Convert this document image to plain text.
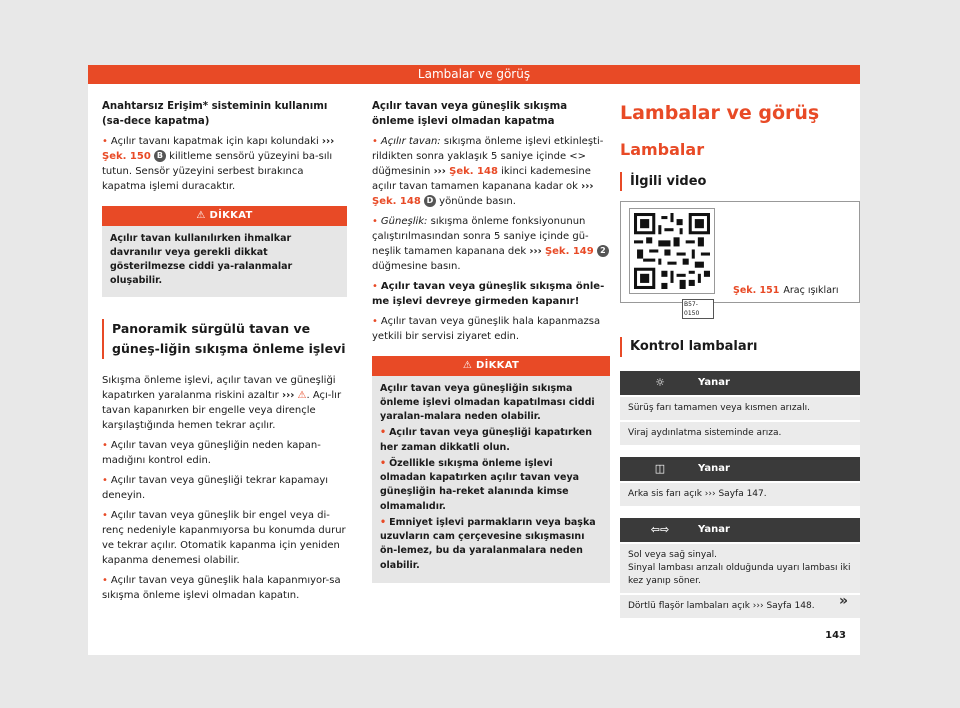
Lambalar ve görüş
Anahtarsız Erişim* sisteminin kullanımı (sa-dece kapatma)

• Açılır tavanı kapatmak için kapı kolundaki ››› Şek. 150 B kilitleme sensörü yüzeyini ba-sılı tutun. Sensör yüzeyini serbest bırakınca kapatma işlemi duracaktır.

⚠ DİKKAT
Açılır tavan kullanılırken ihmalkar davranılır veya gerekli dikkat gösterilmezse ciddi ya-ralanmalar oluşabilir.
Panoramik sürgülü tavan ve güneş-liğin sıkışma önleme işlevi

Sıkışma önleme işlevi, açılır tavan ve güneşliği kapatırken yaralanma riskini azaltır ››› ⚠. Açı-lır tavan kapanırken bir engelle veya dirençle karşılaştığında hemen tekrar açılır.

• Açılır tavan veya güneşliğin neden kapan-madığını kontrol edin.

• Açılır tavan veya güneşliği tekrar kapamayı deneyin.

• Açılır tavan veya güneşlik bir engel veya di-renç nedeniyle kapanmıyorsa bu konumda durur ve tekrar açılır. Otomatik kapanma için yeniden kapanma denemesi olabilir.

• Açılır tavan veya güneşlik hala kapanmıyor-sa sıkışma önleme işlevi olmadan kapatın.

Açılır tavan veya güneşlik sıkışma önleme işlevi olmadan kapatma

• Açılır tavan: sıkışma önleme işlevi etkinleşti-rildikten sonra yaklaşık 5 saniye içinde <> düğmesinin ››› Şek. 148 ikinci kademesine açılır tavan tamamen kapanana kadar ok ››› Şek. 148 D yönünde basın.

• Güneşlik: sıkışma önleme fonksiyonunun çalıştırılmasından sonra 5 saniye içinde gü-neşlik tamamen kapanana dek ››› Şek. 149 2 düğmesine basın.

• Açılır tavan veya güneşlik sıkışma önle-me işlevi devreye girmeden kapanır!

• Açılır tavan veya güneşlik hala kapanmazsa yetkili bir servisi ziyaret edin.

⚠ DİKKAT

Açılır tavan veya güneşliğin sıkışma önleme işlevi olmadan kapatılması ciddi yaralan-malara neden olabilir.

• Açılır tavan veya güneşliği kapatırken her zaman dikkatli olun.

• Özellikle sıkışma önleme işlevi olmadan kapatırken açılır tavan veya güneşliğin ha-reket alanında kimse olmamalıdır.

• Emniyet işlevi parmakların veya başka uzuvların cam çerçevesine sıkışmasını ön-lemez, bu da yaralanmalara neden olabilir.

Lambalar ve görüş
Lambalar
İlgili video
B57-0150
Şek. 151 Araç ışıkları
Kontrol lambaları
☼	Yanar
Sürüş farı tamamen veya kısmen arızalı.
Viraj aydınlatma sisteminde arıza.
◫	Yanar
Arka sis farı açık ››› Sayfa 147.
⇦⇨	Yanar
Sol veya sağ sinyal.
Sinyal lambası arızalı olduğunda uyarı lambası iki kez yanıp söner.
Dörtlü flaşör lambaları açık ››› Sayfa 148.	»
143
